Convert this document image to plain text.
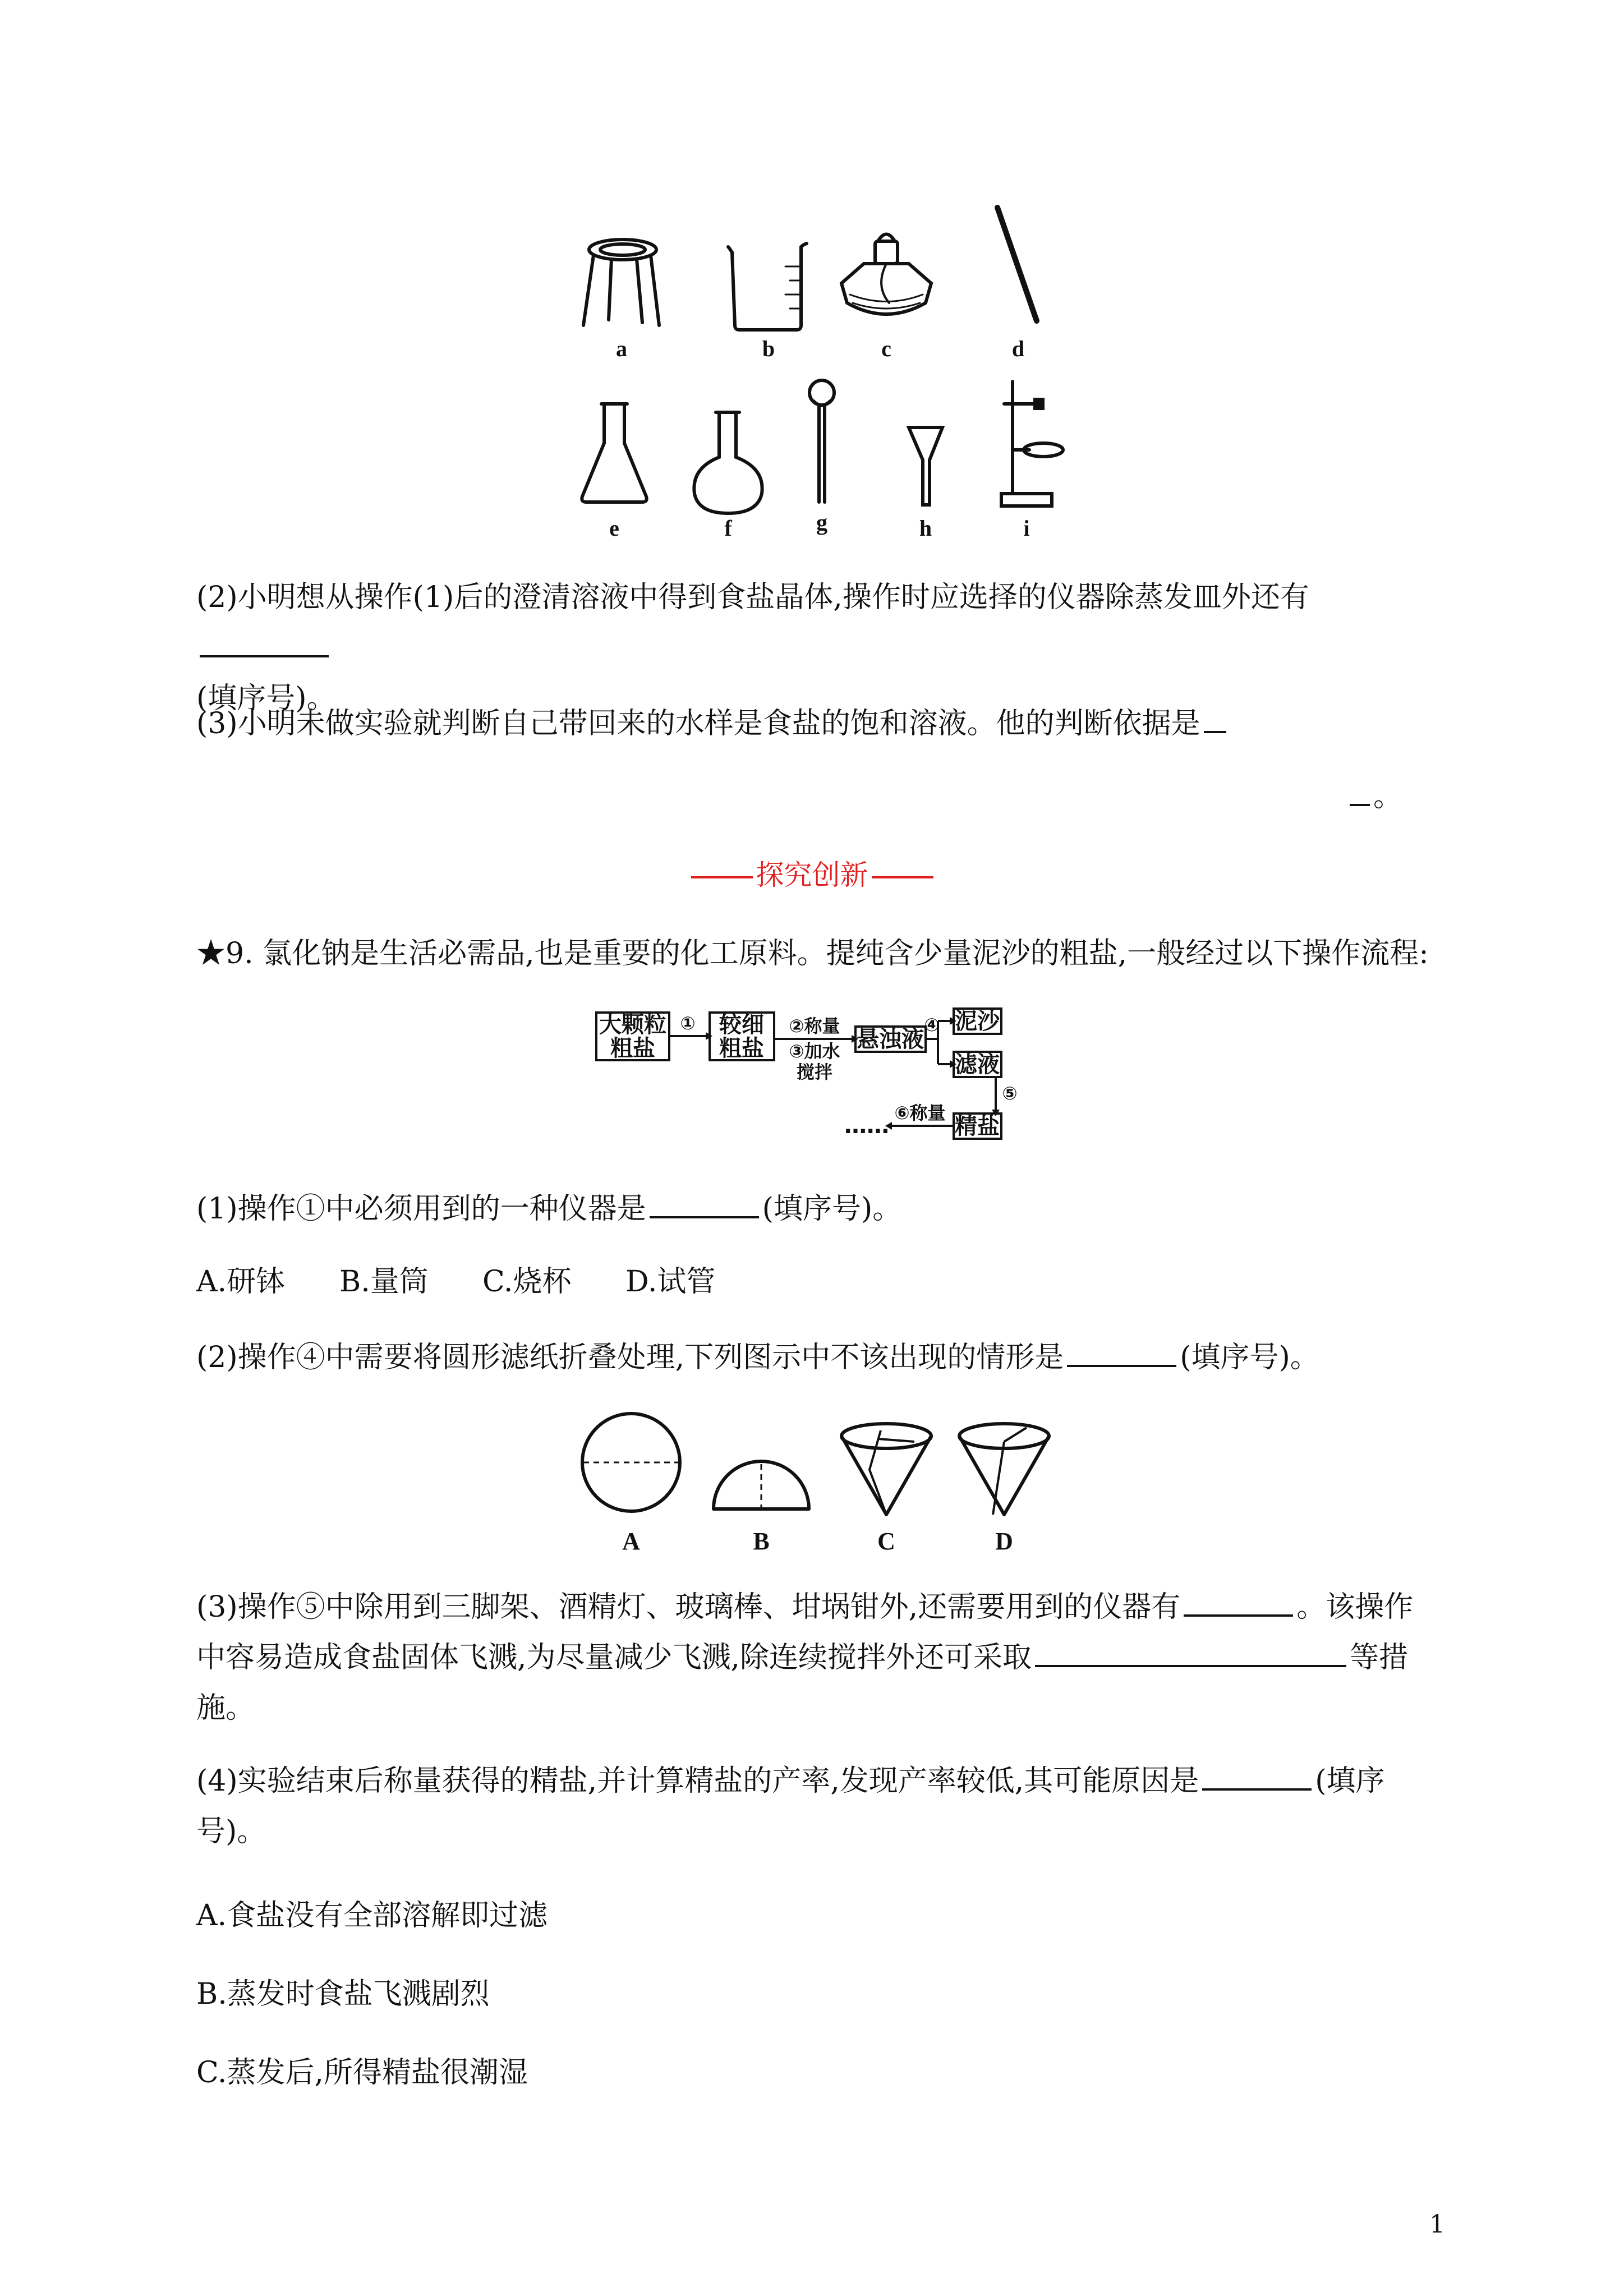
a	b	c	d
e	f	g	h	i
(2)小明想从操作(1)后的澄清溶液中得到食盐晶体,操作时应选择的仪器除蒸发皿外还有
(填序号)。
(3)小明未做实验就判断自己带回来的水样是食盐的饱和溶液。他的判断依据是
。
探究创新
★9. 氯化钠是生活必需品,也是重要的化工原料。提纯含少量泥沙的粗盐,一般经过以下操作流程:
大颗粒
粗盐
① 较细
粗盐
②称量
③加水
搅拌
悬浊液
④ 泥沙
滤液
⑤
精盐
⑥称量
……
(1)操作①中必须用到的一种仪器是	(填序号)。
A.研钵 B.量筒 C.烧杯 D.试管
(2)操作④中需要将圆形滤纸折叠处理,下列图示中不该出现的情形是	(填序号)。
A	B	C	D
(3)操作⑤中除用到三脚架、酒精灯、玻璃棒、坩埚钳外,还需要用到的仪器有	。该操作
中容易造成食盐固体飞溅,为尽量减少飞溅,除连续搅拌外还可采取	等措
施。
(4)实验结束后称量获得的精盐,并计算精盐的产率,发现产率较低,其可能原因是	(填序
号)。
A.食盐没有全部溶解即过滤
B.蒸发时食盐飞溅剧烈
C.蒸发后,所得精盐很潮湿
1
